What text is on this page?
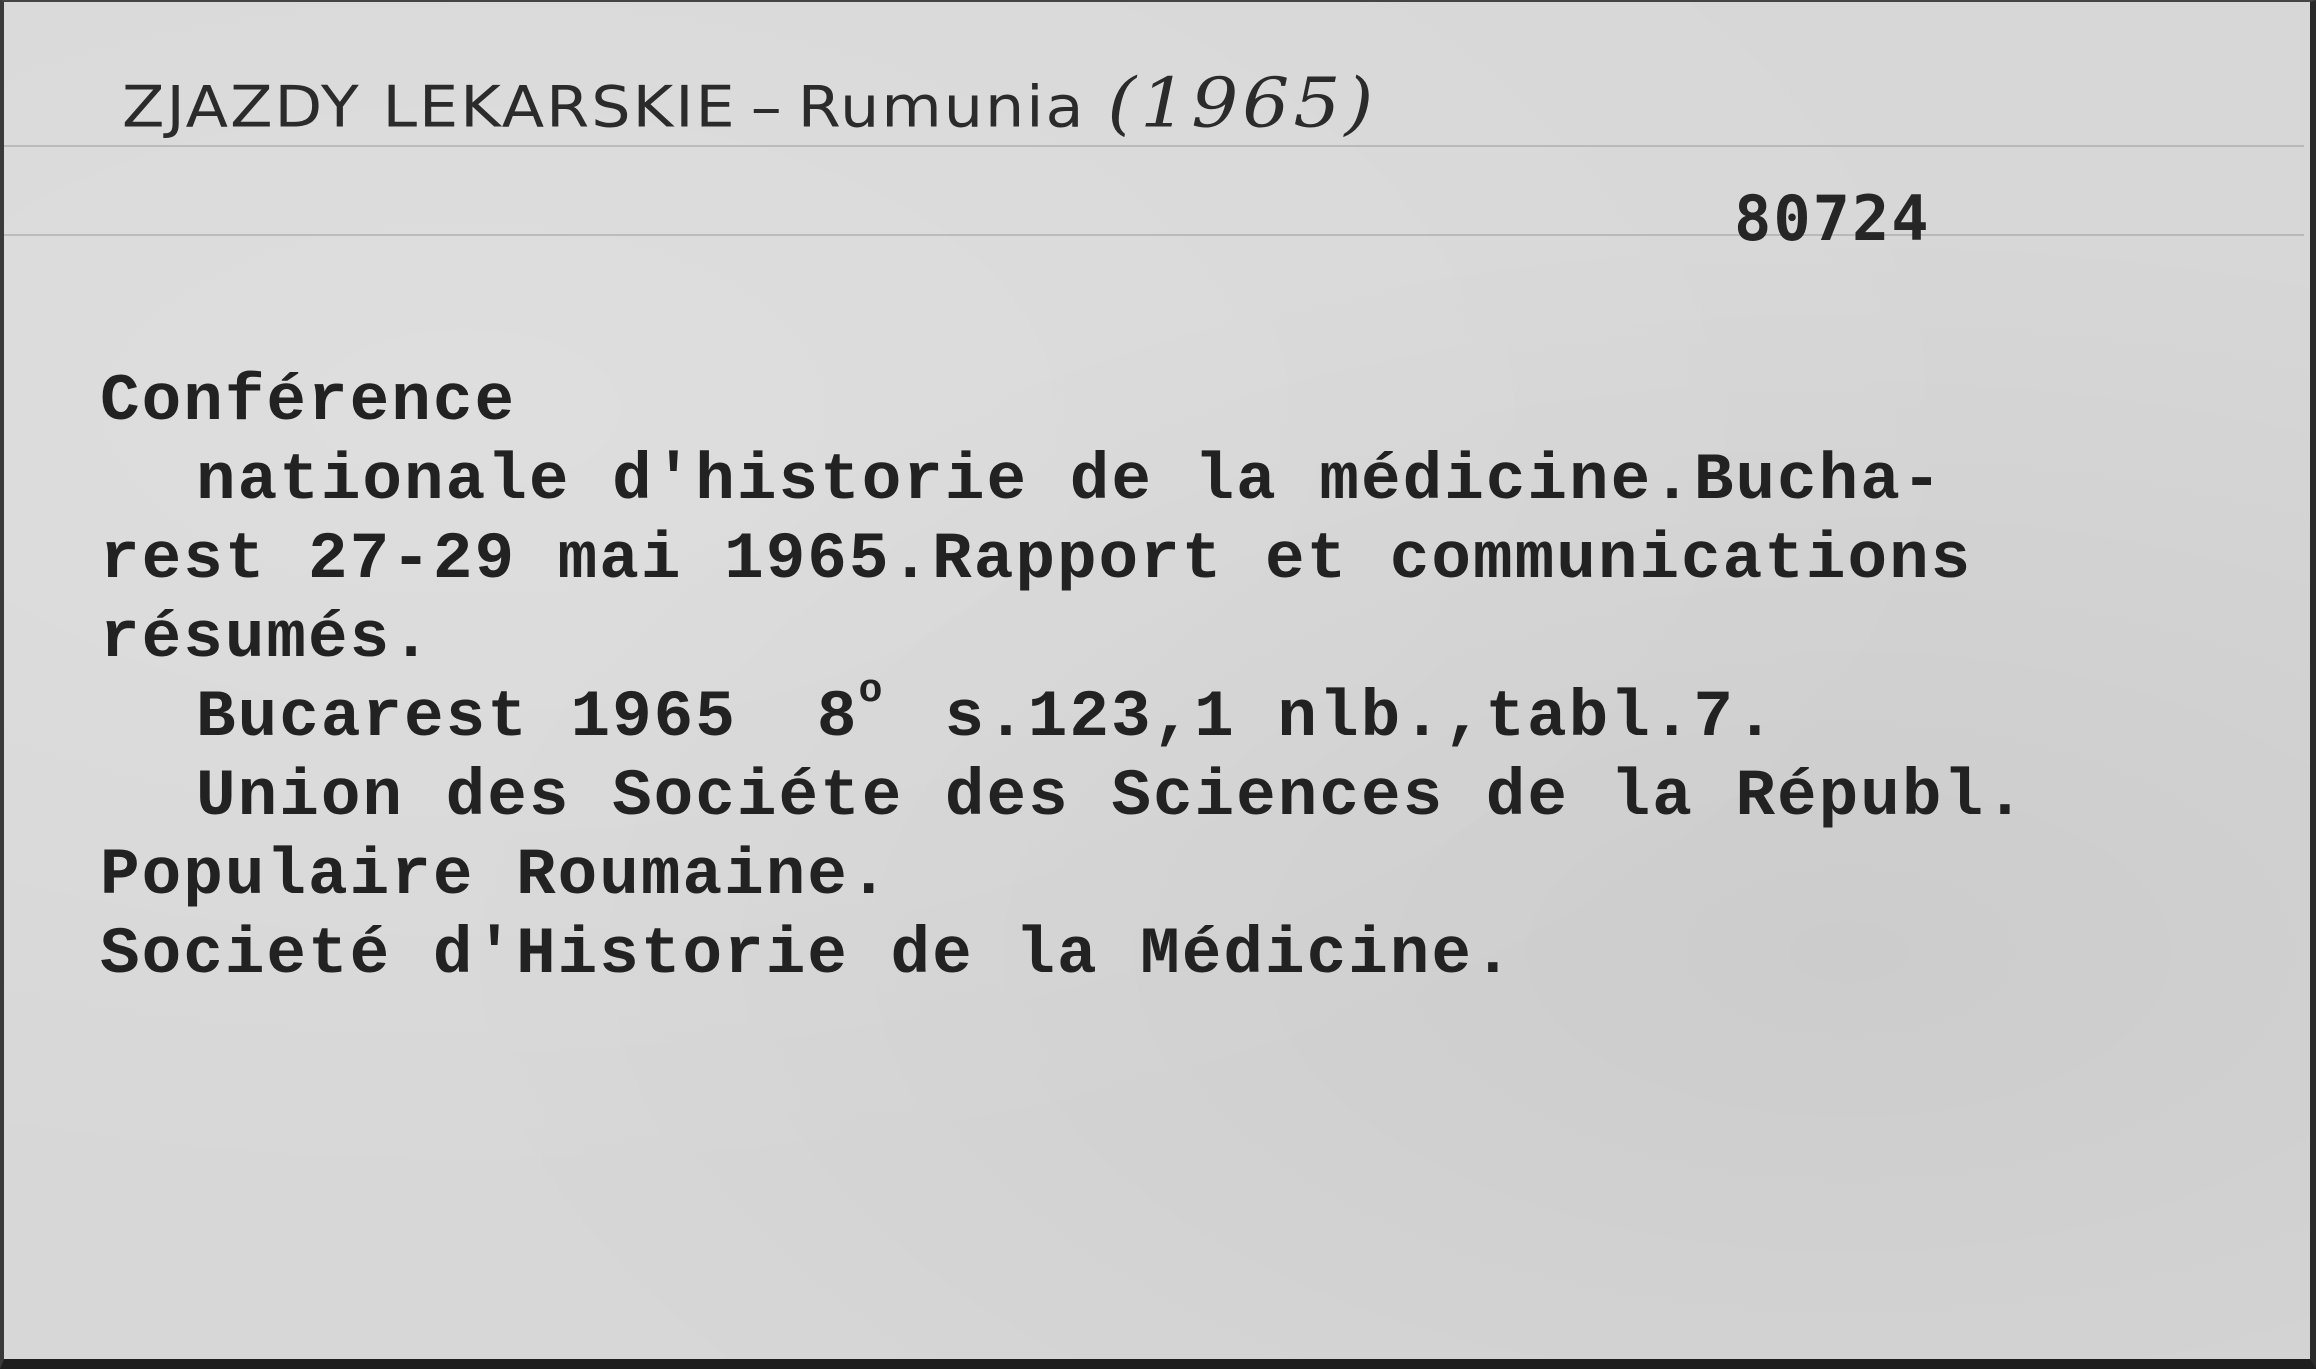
ZJAZDY LEKARSKIE – Rumunia (1965)
80724
Conférence
nationale d'historie de la médicine.Bucha-
rest 27-29 mai 1965.Rapport et communications
résumés.
Bucarest 1965 8$^o$ s.123,1 nlb.,tabl.7.
Union des Sociéte des Sciences de la Républ.
Populaire Roumaine.
Societé d'Historie de la Médicine.
